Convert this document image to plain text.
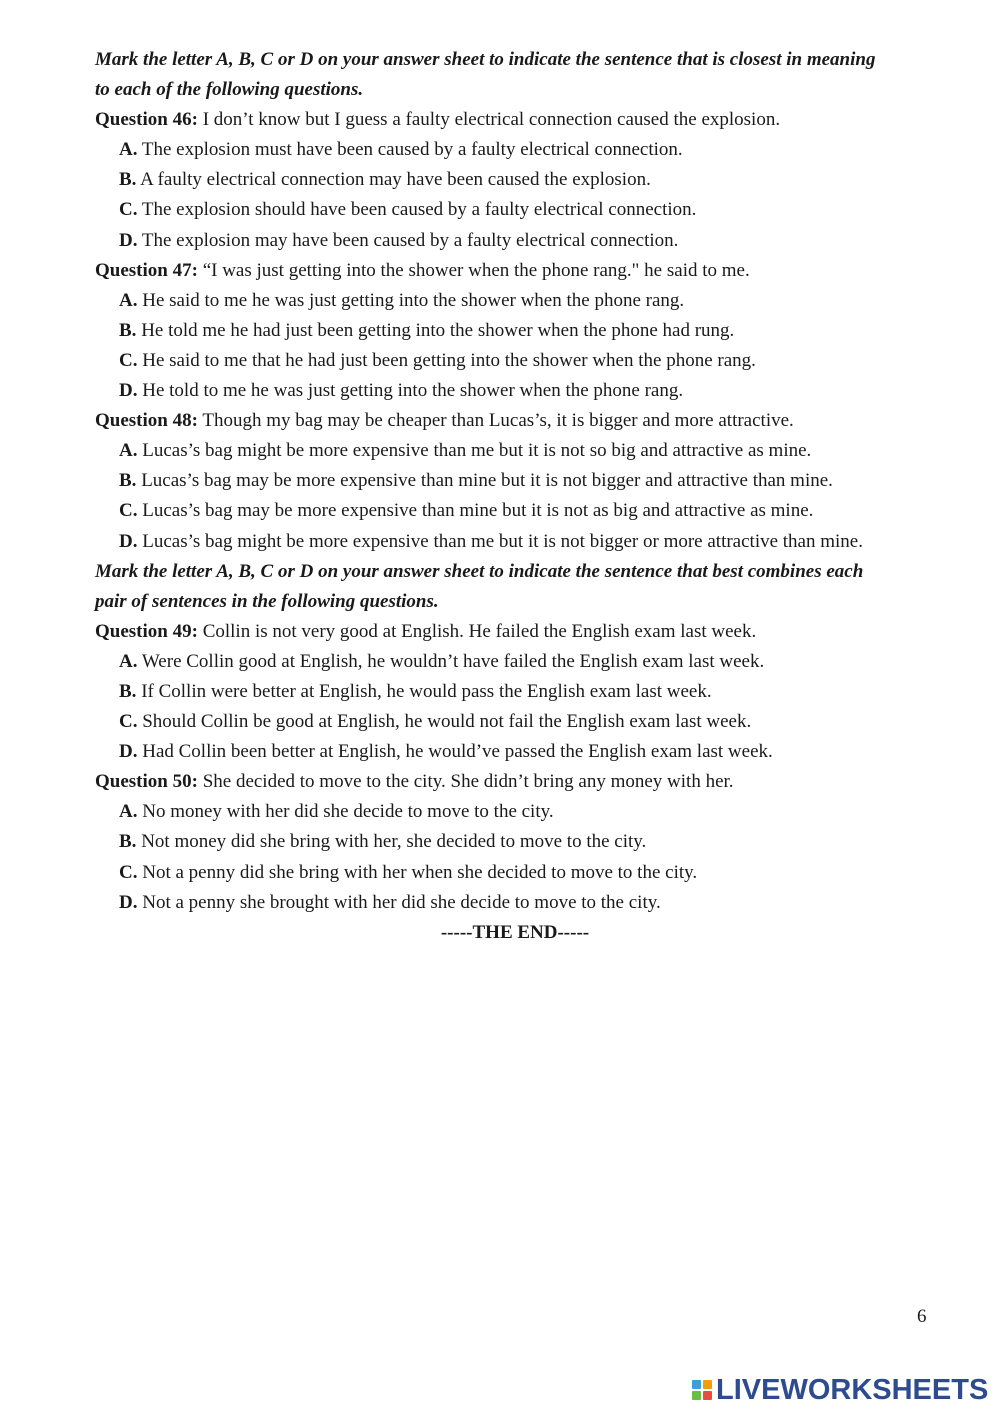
Mark the letter A, B, C or D on your answer sheet to indicate the sentence that is closest in meaning
to each of the following questions.
Question 46: I don’t know but I guess a faulty electrical connection caused the explosion.
A. The explosion must have been caused by a faulty electrical connection.
B. A faulty electrical connection may have been caused the explosion.
C. The explosion should have been caused by a faulty electrical connection.
D. The explosion may have been caused by a faulty electrical connection.
Question 47: “I was just getting into the shower when the phone rang." he said to me.
A. He said to me he was just getting into the shower when the phone rang.
B. He told me he had just been getting into the shower when the phone had rung.
C. He said to me that he had just been getting into the shower when the phone rang.
D. He told to me he was just getting into the shower when the phone rang.
Question 48: Though my bag may be cheaper than Lucas’s, it is bigger and more attractive.
A. Lucas’s bag might be more expensive than me but it is not so big and attractive as mine.
B. Lucas’s bag may be more expensive than mine but it is not bigger and attractive than mine.
C. Lucas’s bag may be more expensive than mine but it is not as big and attractive as mine.
D. Lucas’s bag might be more expensive than me but it is not bigger or more attractive than mine.
Mark the letter A, B, C or D on your answer sheet to indicate the sentence that best combines each
pair of sentences in the following questions.
Question 49: Collin is not very good at English. He failed the English exam last week.
A. Were Collin good at English, he wouldn’t have failed the English exam last week.
B. If Collin were better at English, he would pass the English exam last week.
C. Should Collin be good at English, he would not fail the English exam last week.
D. Had Collin been better at English, he would’ve passed the English exam last week.
Question 50: She decided to move to the city. She didn’t bring any money with her.
A. No money with her did she decide to move to the city.
B. Not money did she bring with her, she decided to move to the city.
C. Not a penny did she bring with her when she decided to move to the city.
D. Not a penny she brought with her did she decide to move to the city.
-----THE END-----
6
LIVEWORKSHEETS
